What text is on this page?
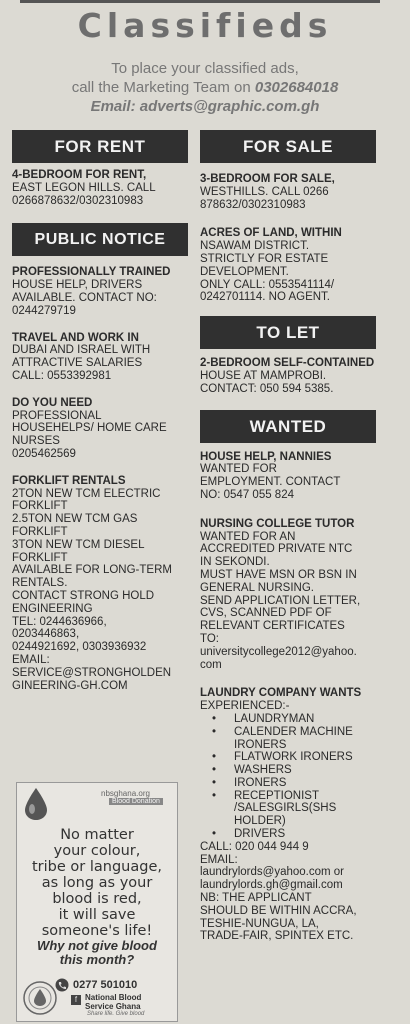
Classifieds
To place your classified ads,
call the Marketing Team on 0302684018
Email: adverts@graphic.com.gh
FOR RENT
4-BEDROOM FOR RENT,
EAST LEGON HILLS. CALL
0266878632/0302310983
PUBLIC NOTICE
PROFESSIONALLY TRAINED
HOUSE HELP, DRIVERS
AVAILABLE. CONTACT NO:
0244279719
TRAVEL AND WORK IN
DUBAI AND ISRAEL WITH
ATTRACTIVE SALARIES
CALL: 0553392981
DO YOU NEED
PROFESSIONAL
HOUSEHELPS/ HOME CARE
NURSES
0205462569
FORKLIFT RENTALS
2TON NEW TCM ELECTRIC
FORKLIFT
2.5TON NEW TCM GAS
FORKLIFT
3TON NEW TCM DIESEL
FORKLIFT
AVAILABLE FOR LONG-TERM
RENTALS.
CONTACT STRONG HOLD
ENGINEERING
TEL: 0244636966,
0203446863,
0244921692, 0303936932
EMAIL:
SERVICE@STRONGHOLDEN
GINEERING-GH.COM
FOR SALE
3-BEDROOM FOR SALE,
WESTHILLS. CALL 0266
878632/0302310983
ACRES OF LAND, WITHIN
NSAWAM DISTRICT.
STRICTLY FOR ESTATE
DEVELOPMENT.
ONLY CALL: 0553541114/
0242701114. NO AGENT.
TO LET
2-BEDROOM SELF-CONTAINED
HOUSE AT MAMPROBI.
CONTACT: 050 594 5385.
WANTED
HOUSE HELP, NANNIES
WANTED FOR
EMPLOYMENT. CONTACT
NO: 0547 055 824
NURSING COLLEGE TUTOR
WANTED FOR AN
ACCREDITED PRIVATE NTC
IN SEKONDI.
MUST HAVE MSN OR BSN IN
GENERAL NURSING.
SEND APPLICATION LETTER,
CVS, SCANNED PDF OF
RELEVANT CERTIFICATES
TO:
universitycollege2012@yahoo.
com
LAUNDRY COMPANY WANTS
EXPERIENCED:-
• LAUNDRYMAN
• CALENDER MACHINE IRONERS
• FLATWORK IRONERS
• WASHERS
• IRONERS
• RECEPTIONIST /SALESGIRLS(SHS HOLDER)
• DRIVERS
CALL: 020 044 944 9
EMAIL:
laundrylords@yahoo.com or
laundrylords.gh@gmail.com
NB: THE APPLICANT
SHOULD BE WITHIN ACCRA,
TESHIE-NUNGUA, LA,
TRADE-FAIR, SPINTEX ETC.
nbsghana.org
Blood Donation
No matter
your colour,
tribe or language,
as long as your
blood is red,
it will save
someone's life!
Why not give blood
this month?
0277 501010
f National Blood
Service Ghana
Share life. Give blood
